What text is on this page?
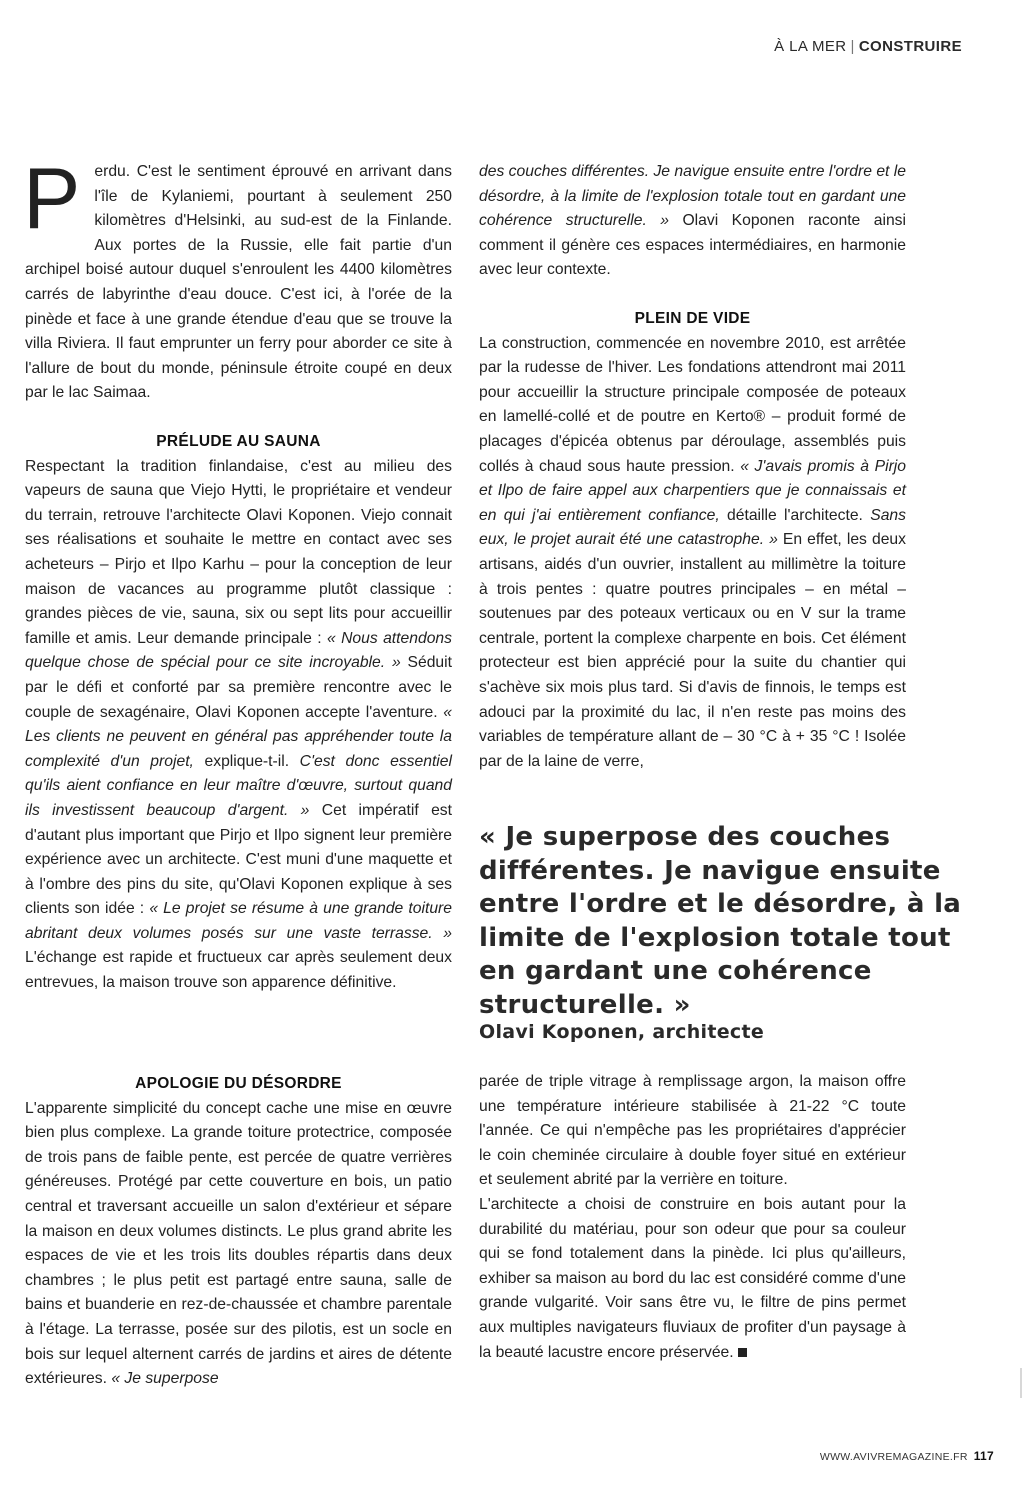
À LA MER | CONSTRUIRE
P erdu. C'est le sentiment éprouvé en arrivant dans l'île de Kylaniemi, pourtant à seulement 250 kilomètres d'Helsinki, au sud-est de la Finlande. Aux portes de la Russie, elle fait partie d'un archipel boisé autour duquel s'enroulent les 4400 kilomètres carrés de labyrinthe d'eau douce. C'est ici, à l'orée de la pinède et face à une grande étendue d'eau que se trouve la villa Riviera. Il faut emprunter un ferry pour aborder ce site à l'allure de bout du monde, péninsule étroite coupé en deux par le lac Saimaa.

PRÉLUDE AU SAUNA

Respectant la tradition finlandaise, c'est au milieu des vapeurs de sauna que Viejo Hytti, le propriétaire et vendeur du terrain, retrouve l'architecte Olavi Koponen. Viejo connait ses réalisations et souhaite le mettre en contact avec ses acheteurs – Pirjo et Ilpo Karhu – pour la conception de leur maison de vacances au programme plutôt classique : grandes pièces de vie, sauna, six ou sept lits pour accueillir famille et amis. Leur demande principale : « Nous attendons quelque chose de spécial pour ce site incroyable. » Séduit par le défi et conforté par sa première rencontre avec le couple de sexagénaire, Olavi Koponen accepte l'aventure. « Les clients ne peuvent en général pas appréhender toute la complexité d'un projet, explique-t-il. C'est donc essentiel qu'ils aient confiance en leur maître d'œuvre, surtout quand ils investissent beaucoup d'argent. » Cet impératif est d'autant plus important que Pirjo et Ilpo signent leur première expérience avec un architecte. C'est muni d'une maquette et à l'ombre des pins du site, qu'Olavi Koponen explique à ses clients son idée : « Le projet se résume à une grande toiture abritant deux volumes posés sur une vaste terrasse. » L'échange est rapide et fructueux car après seulement deux entrevues, la maison trouve son apparence définitive.

APOLOGIE DU DÉSORDRE

L'apparente simplicité du concept cache une mise en œuvre bien plus complexe. La grande toiture protectrice, composée de trois pans de faible pente, est percée de quatre verrières généreuses. Protégé par cette couverture en bois, un patio central et traversant accueille un salon d'extérieur et sépare la maison en deux volumes distincts. Le plus grand abrite les espaces de vie et les trois lits doubles répartis dans deux chambres ; le plus petit est partagé entre sauna, salle de bains et buanderie en rez-de-chaussée et chambre parentale à l'étage. La terrasse, posée sur des pilotis, est un socle en bois sur lequel alternent carrés de jardins et aires de détente extérieures. « Je superpose

des couches différentes. Je navigue ensuite entre l'ordre et le désordre, à la limite de l'explosion totale tout en gardant une cohérence structurelle. » Olavi Koponen raconte ainsi comment il génère ces espaces intermédiaires, en harmonie avec leur contexte.

PLEIN DE VIDE

La construction, commencée en novembre 2010, est arrêtée par la rudesse de l'hiver. Les fondations attendront mai 2011 pour accueillir la structure principale composée de poteaux en lamellé-collé et de poutre en Kerto® – produit formé de placages d'épicéa obtenus par déroulage, assemblés puis collés à chaud sous haute pression. « J'avais promis à Pirjo et Ilpo de faire appel aux charpentiers que je connaissais et en qui j'ai entièrement confiance, détaille l'architecte. Sans eux, le projet aurait été une catastrophe. » En effet, les deux artisans, aidés d'un ouvrier, installent au millimètre la toiture à trois pentes : quatre poutres principales – en métal – soutenues par des poteaux verticaux ou en V sur la trame centrale, portent la complexe charpente en bois. Cet élément protecteur est bien apprécié pour la suite du chantier qui s'achève six mois plus tard. Si d'avis de finnois, le temps est adouci par la proximité du lac, il n'en reste pas moins des variables de température allant de – 30 °C à + 35 °C ! Isolée par de la laine de verre,

« Je superpose des couches différentes. Je navigue ensuite entre l'ordre et le désordre, à la limite de l'explosion totale tout en gardant une cohérence structurelle. »
Olavi Koponen, architecte

parée de triple vitrage à remplissage argon, la maison offre une température intérieure stabilisée à 21-22 °C toute l'année. Ce qui n'empêche pas les propriétaires d'apprécier le coin cheminée circulaire à double foyer situé en extérieur et seulement abrité par la verrière en toiture.

L'architecte a choisi de construire en bois autant pour la durabilité du matériau, pour son odeur que pour sa couleur qui se fond totalement dans la pinède. Ici plus qu'ailleurs, exhiber sa maison au bord du lac est considéré comme d'une grande vulgarité. Voir sans être vu, le filtre de pins permet aux multiples navigateurs fluviaux de profiter d'un paysage à la beauté lacustre encore préservée.

WWW.AVIVREMAGAZINE.FR 117
